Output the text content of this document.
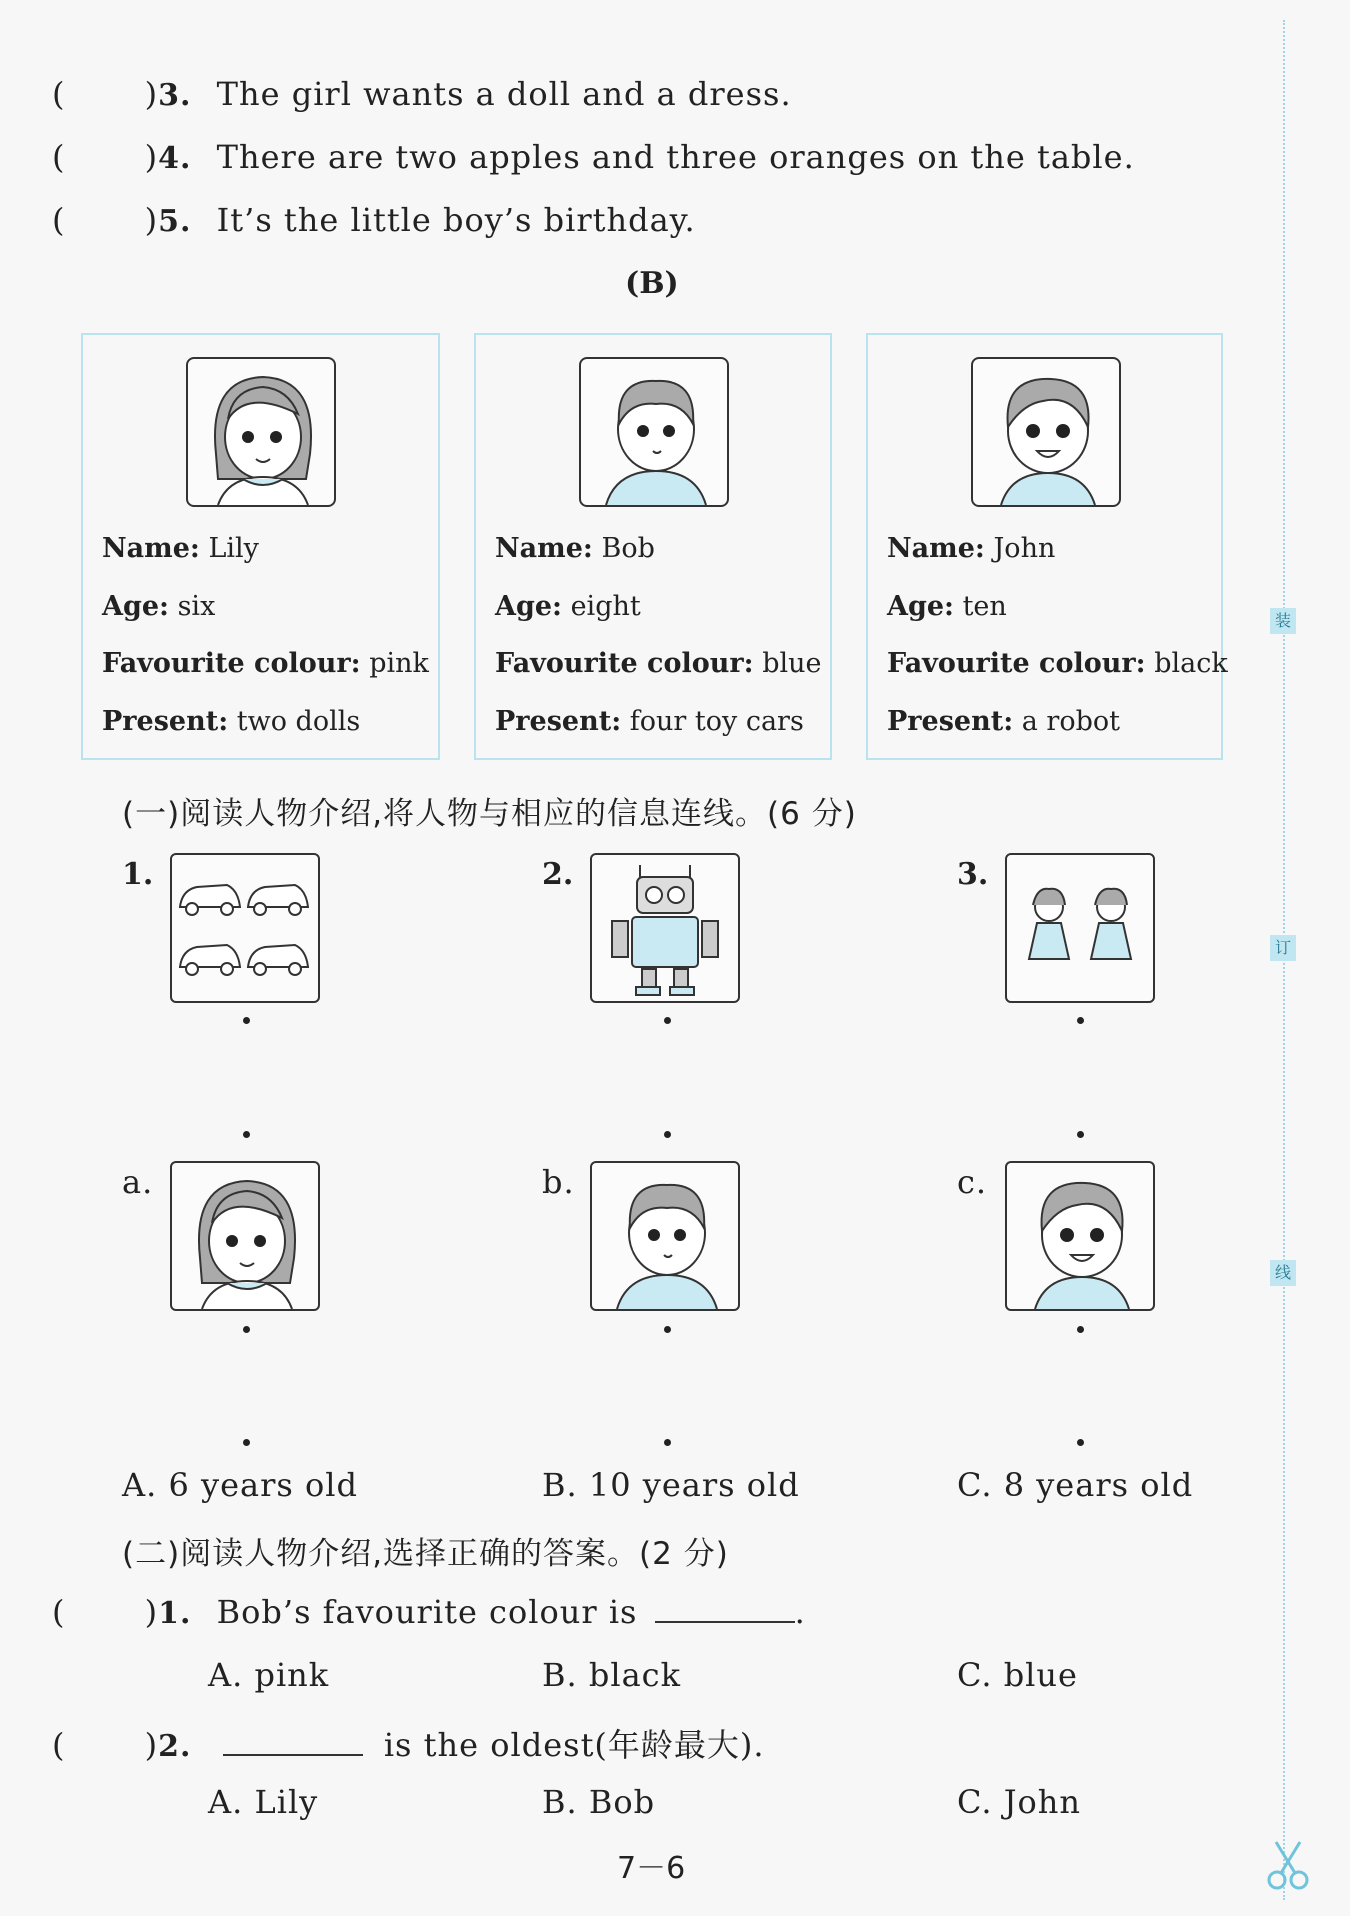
( )3. The girl wants a doll and a dress.
( )4. There are two apples and three oranges on the table.
( )5. It’s the little boy’s birthday.
(B)
Name: Lily
Age: six
Favourite colour: pink
Present: two dolls
Name: Bob
Age: eight
Favourite colour: blue
Present: four toy cars
Name: John
Age: ten
Favourite colour: black
Present: a robot
(一)阅读人物介绍,将人物与相应的信息连线。(6 分)
1.	2.	3.
a.	b.	c.
A. 6 years old	B. 10 years old	C. 8 years old
(二)阅读人物介绍,选择正确的答案。(2 分)
( )1. Bob’s favourite colour is	.
A. pink	B. black	C. blue
( )2.	is the oldest(年龄最大).
A. Lily	B. Bob	C. John
7－6
装
订
线
